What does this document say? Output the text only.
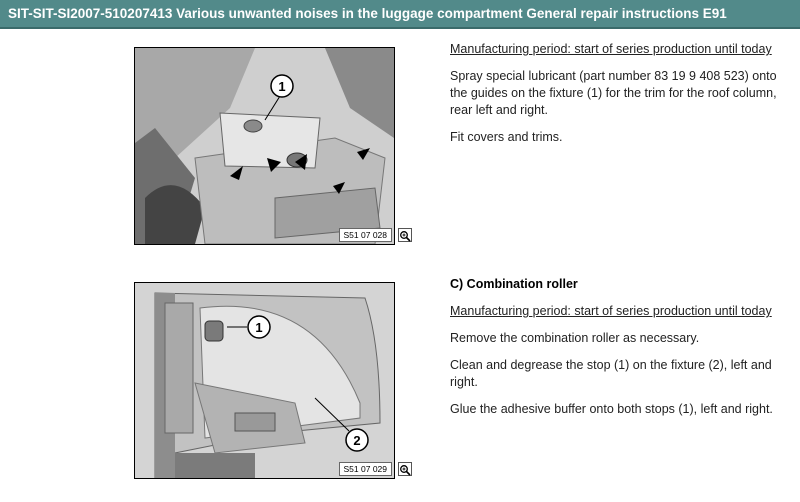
SIT-SIT-SI2007-510207413 Various unwanted noises in the luggage compartment General repair instructions E91
1
S51 07 028

Manufacturing period: start of series production until today

Spray special lubricant (part number 83 19 9 408 523) onto the guides on the fixture (1) for the trim for the roof column, rear left and right.

Fit covers and trims.

1
2
S51 07 029

C) Combination roller

Manufacturing period: start of series production until today

Remove the combination roller as necessary.

Clean and degrease the stop (1) on the fixture (2), left and right.

Glue the adhesive buffer onto both stops (1), left and right.
